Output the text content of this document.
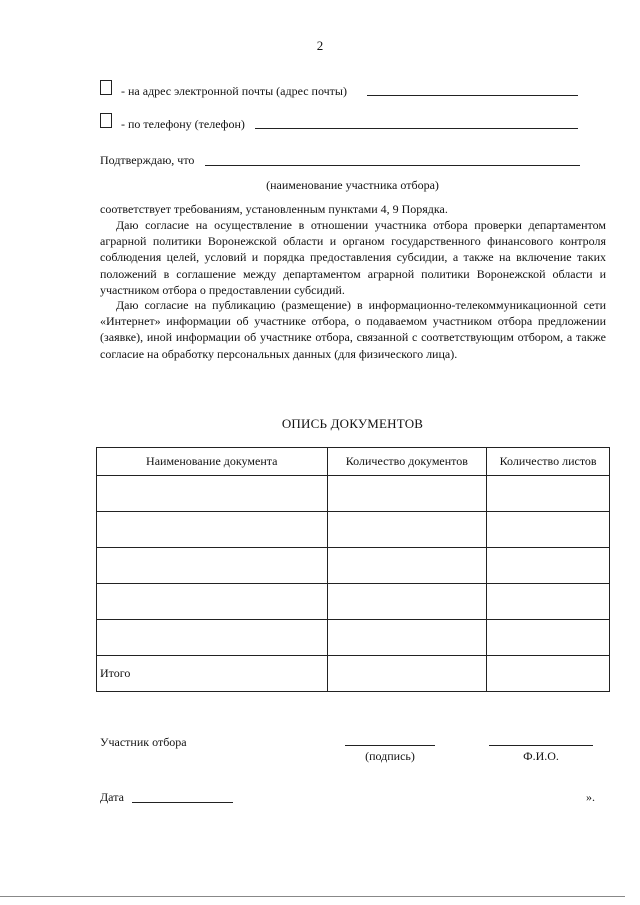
2
- на адрес электронной почты (адрес почты)
- по телефону (телефон)
Подтверждаю, что
(наименование участника отбора)
соответствует требованиям, установленным пунктами 4, 9 Порядка.
Даю согласие на осуществление в отношении участника отбора проверки департаментом аграрной политики Воронежской области и органом государственного финансового контроля соблюдения целей, условий и порядка предоставления субсидии, а также на включение таких положений в соглашение между департаментом аграрной политики Воронежской области и участником отбора о предоставлении субсидий.
Даю согласие на публикацию (размещение) в информационно-телекоммуникационной сети «Интернет» информации об участнике отбора, о подаваемом участником отбора предложении (заявке), иной информации об участнике отбора, связанной с соответствующим отбором, а также согласие на обработку персональных данных (для физического лица).
ОПИСЬ ДОКУМЕНТОВ
Наименование документа	Количество документов	Количество листов

Итого		
Участник отбора
(подпись)	Ф.И.О.
Дата	».
